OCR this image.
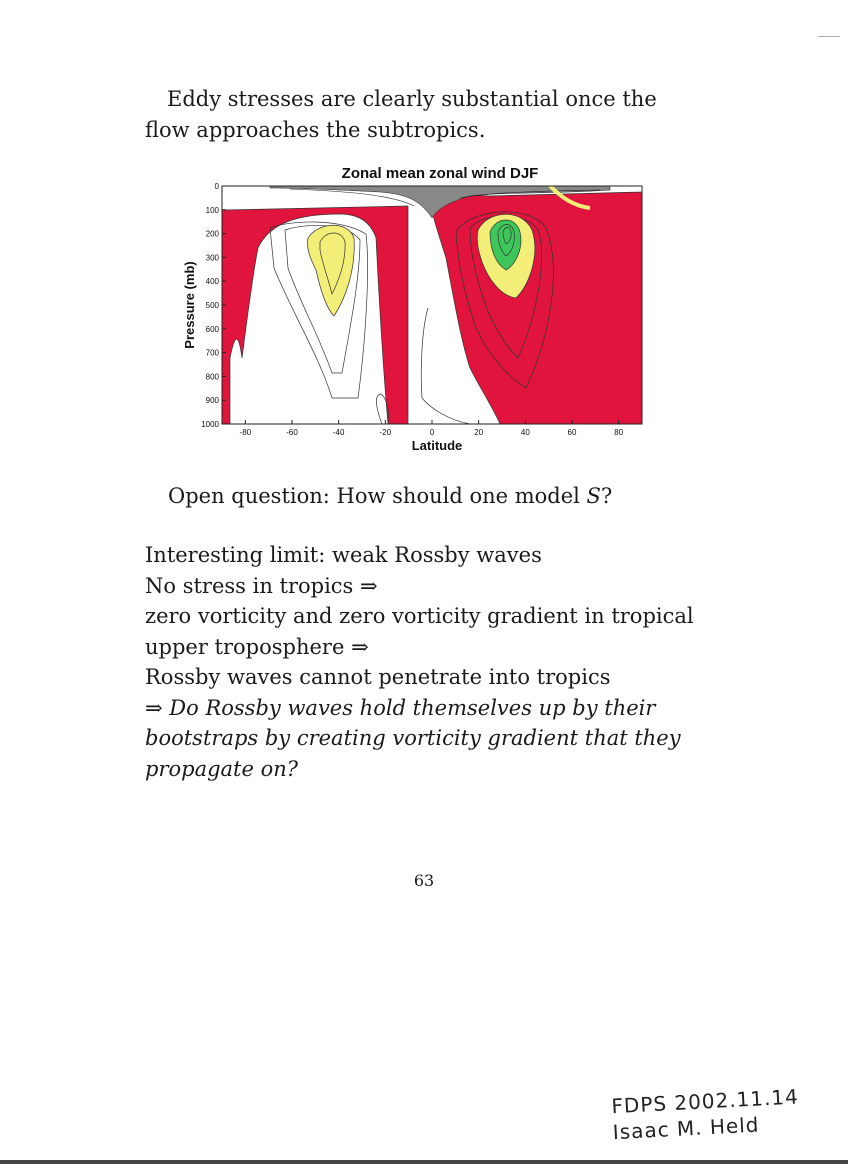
Eddy stresses are clearly substantial once the flow approaches the subtropics.

Zonal mean zonal wind DJF
0
100
200
300
400
500
600
700
800
900
1000
-80	-60	-40	-20	0	20	40	60	80
Pressure (mb)
Latitude

Open question: How should one model S?

Interesting limit: weak Rossby waves
No stress in tropics ⇒
zero vorticity and zero vorticity gradient in tropical upper troposphere ⇒
Rossby waves cannot penetrate into tropics
⇒ Do Rossby waves hold themselves up by their bootstraps by creating vorticity gradient that they propagate on?
63
FDPS 2002.11.14
Isaac M. Held
